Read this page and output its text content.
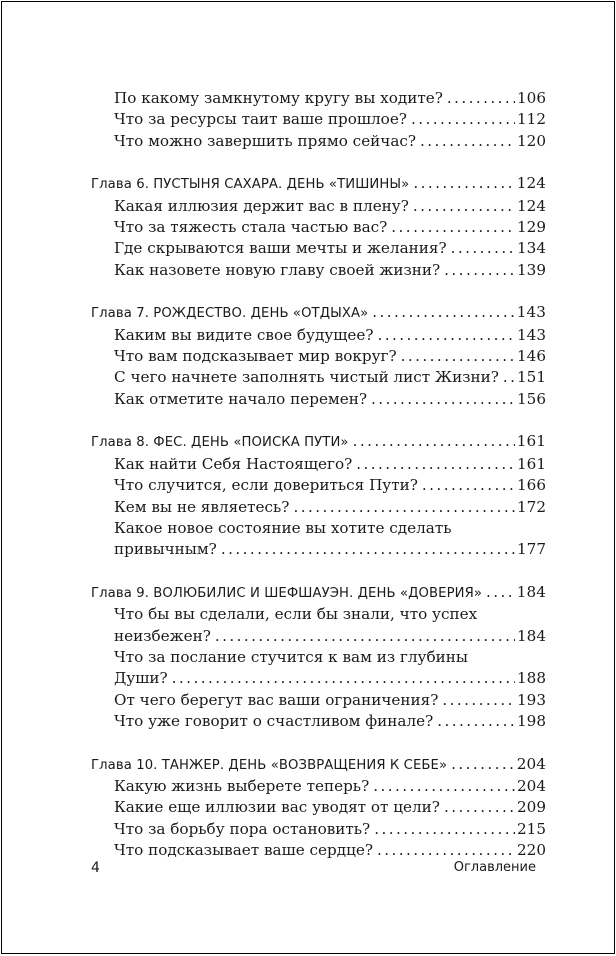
По какому замкнутому кругу вы ходите? . . .	106
Что за ресурсы таит ваше прошлое? . . .	112
Что можно завершить прямо сейчас? . . .	120
Глава 6. ПУСТЫНЯ САХАРА. ДЕНЬ «ТИШИНЫ» . . .	124
Какая иллюзия держит вас в плену? . . .	124
Что за тяжесть стала частью вас? . . .	129
Где скрываются ваши мечты и желания? . . .	134
Как назовете новую главу своей жизни? . . .	139
Глава 7. РОЖДЕСТВО. ДЕНЬ «ОТДЫХА» . . .	143
Каким вы видите свое будущее? . . .	143
Что вам подсказывает мир вокруг? . . .	146
С чего начнете заполнять чистый лист Жизни? . . . 151
Как отметите начало перемен? . . .	156
Глава 8. ФЕС. ДЕНЬ «ПОИСКА ПУТИ» . . .	161
Как найти Себя Настоящего? . . .	161
Что случится, если довериться Пути? . . .	166
Кем вы не являетесь? . . .	172
Какое новое состояние вы хотите сделать
привычным? . . .	177
Глава 9. ВОЛЮБИЛИС И ШЕФШАУЭН. ДЕНЬ «ДОВЕРИЯ» . . . 184
Что бы вы сделали, если бы знали, что успех
неизбежен? . . .	184
Что за послание стучится к вам из глубины
Души? . . .	188
От чего берегут вас ваши ограничения? . . .	193
Что уже говорит о счастливом финале? . . .	198
Глава 10. ТАНЖЕР. ДЕНЬ «ВОЗВРАЩЕНИЯ К СЕБЕ» . . .	204
Какую жизнь выберете теперь? . . .	204
Какие еще иллюзии вас уводят от цели? . . .	209
Что за борьбу пора остановить? . . .	215
Что подсказывает ваше сердце? . . .	220
4	Оглавление
